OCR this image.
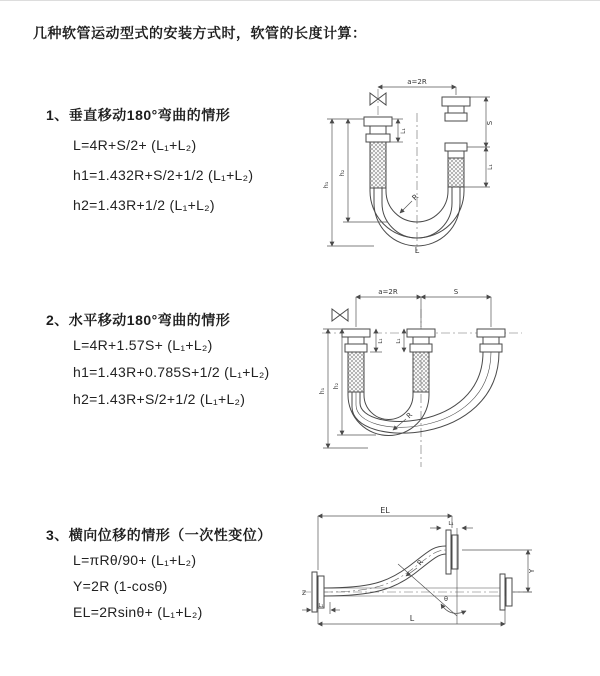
几种软管运动型式的安装方式时，软管的长度计算：
1、垂直移动180°弯曲的情形
L=4R+S/2+ (L₁+L₂)
h1=1.432R+S/2+1/2 (L₁+L₂)
h2=1.43R+1/2 (L₁+L₂)
2、水平移动180°弯曲的情形
L=4R+1.57S+ (L₁+L₂)
h1=1.43R+0.785S+1/2 (L₁+L₂)
h2=1.43R+S/2+1/2 (L₁+L₂)
3、横向位移的情形（一次性变位）
L=πRθ/90+ (L₁+L₂)
Y=2R (1-cosθ)
EL=2Rsinθ+ (L₁+L₂)
a=2R
L₁
h₂
h₁
S
L₁
R
L
a=2R	S
L₁ L₁
h₂
h₁
R
Z
EL
L₁
R
θ
Y
L
L₁
